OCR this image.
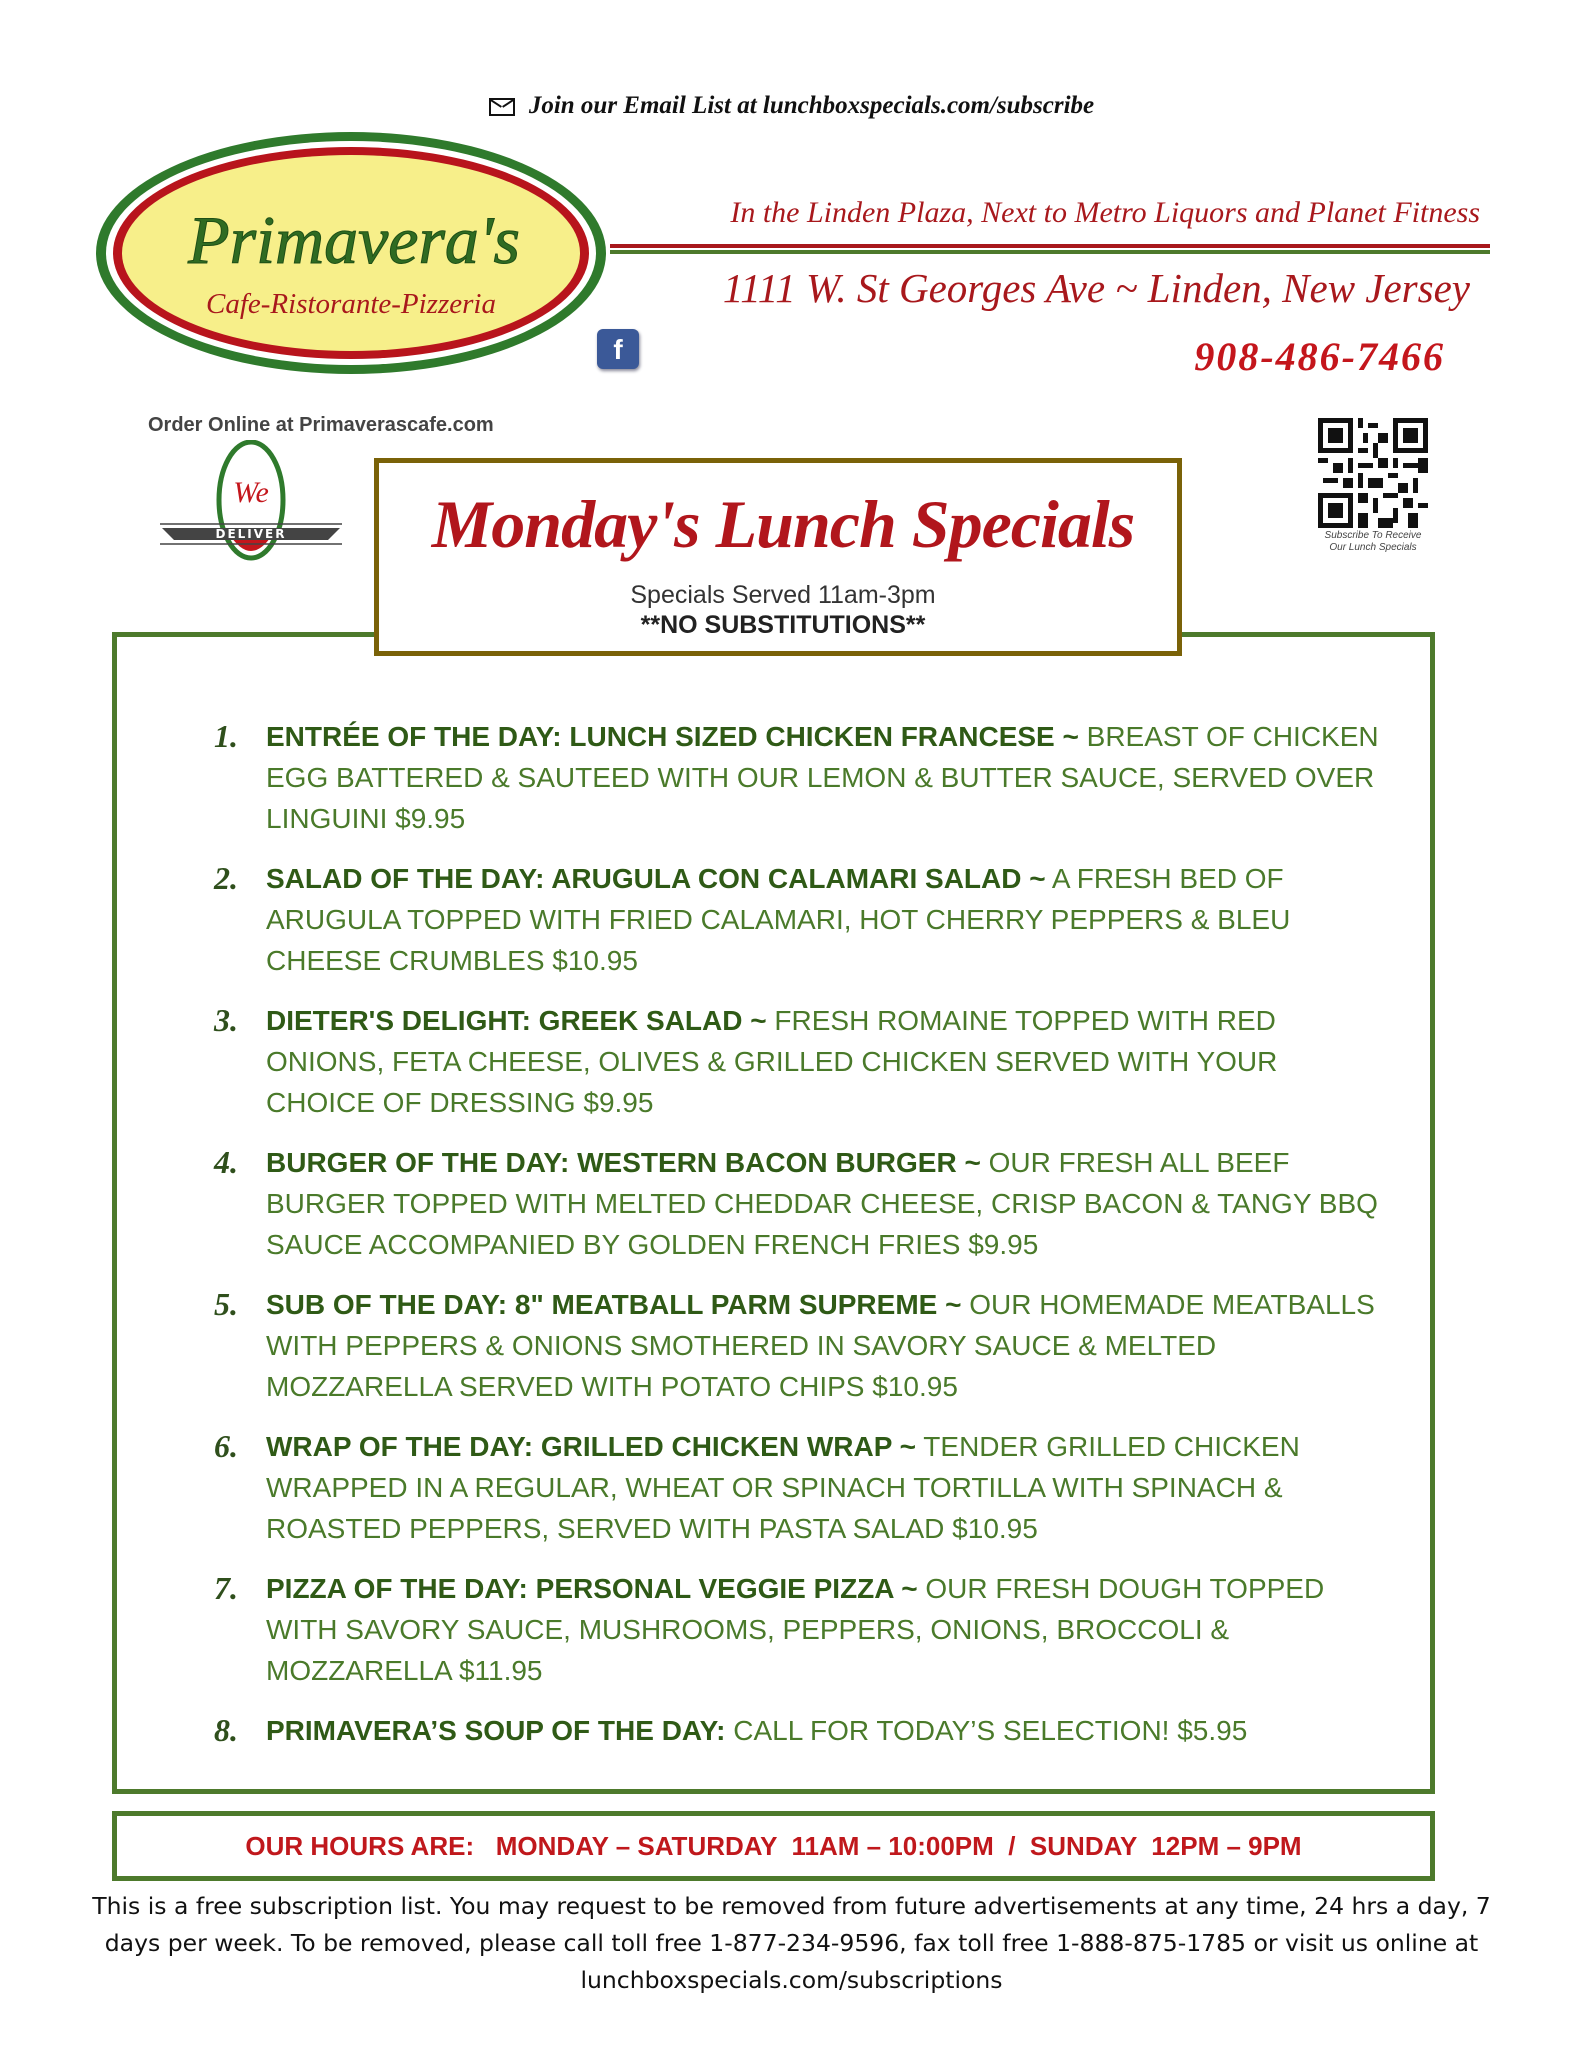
Join our Email List at lunchboxspecials.com/subscribe
Primavera's
Cafe-Ristorante-Pizzeria
In the Linden Plaza, Next to Metro Liquors and Planet Fitness
1111 W. St Georges Ave ~ Linden, New Jersey
908-486-7466
f
Order Online at Primaverascafe.com
We
DELIVER	Subscribe To Receive
Our Lunch Specials
Monday's Lunch Specials
Specials Served 11am-3pm
**NO SUBSTITUTIONS**
1. ENTRÉE OF THE DAY: LUNCH SIZED CHICKEN FRANCESE ~ BREAST OF CHICKEN EGG BATTERED & SAUTEED WITH OUR LEMON & BUTTER SAUCE, SERVED OVER LINGUINI $9.95
2. SALAD OF THE DAY: ARUGULA CON CALAMARI SALAD ~ A FRESH BED OF ARUGULA TOPPED WITH FRIED CALAMARI, HOT CHERRY PEPPERS & BLEU CHEESE CRUMBLES $10.95
3. DIETER'S DELIGHT: GREEK SALAD ~ FRESH ROMAINE TOPPED WITH RED ONIONS, FETA CHEESE, OLIVES & GRILLED CHICKEN SERVED WITH YOUR CHOICE OF DRESSING $9.95
4. BURGER OF THE DAY: WESTERN BACON BURGER ~ OUR FRESH ALL BEEF BURGER TOPPED WITH MELTED CHEDDAR CHEESE, CRISP BACON & TANGY BBQ SAUCE ACCOMPANIED BY GOLDEN FRENCH FRIES $9.95
5. SUB OF THE DAY: 8" MEATBALL PARM SUPREME ~ OUR HOMEMADE MEATBALLS WITH PEPPERS & ONIONS SMOTHERED IN SAVORY SAUCE & MELTED MOZZARELLA SERVED WITH POTATO CHIPS $10.95
6. WRAP OF THE DAY: GRILLED CHICKEN WRAP ~ TENDER GRILLED CHICKEN WRAPPED IN A REGULAR, WHEAT OR SPINACH TORTILLA WITH SPINACH & ROASTED PEPPERS, SERVED WITH PASTA SALAD $10.95
7. PIZZA OF THE DAY: PERSONAL VEGGIE PIZZA ~ OUR FRESH DOUGH TOPPED WITH SAVORY SAUCE, MUSHROOMS, PEPPERS, ONIONS, BROCCOLI & MOZZARELLA $11.95
8. PRIMAVERA’S SOUP OF THE DAY: CALL FOR TODAY’S SELECTION! $5.95
OUR HOURS ARE:   MONDAY – SATURDAY  11AM – 10:00PM  /  SUNDAY  12PM – 9PM
This is a free subscription list. You may request to be removed from future advertisements at any time, 24 hrs a day, 7 days per week. To be removed, please call toll free 1-877-234-9596, fax toll free 1-888-875-1785 or visit us online at lunchboxspecials.com/subscriptions
